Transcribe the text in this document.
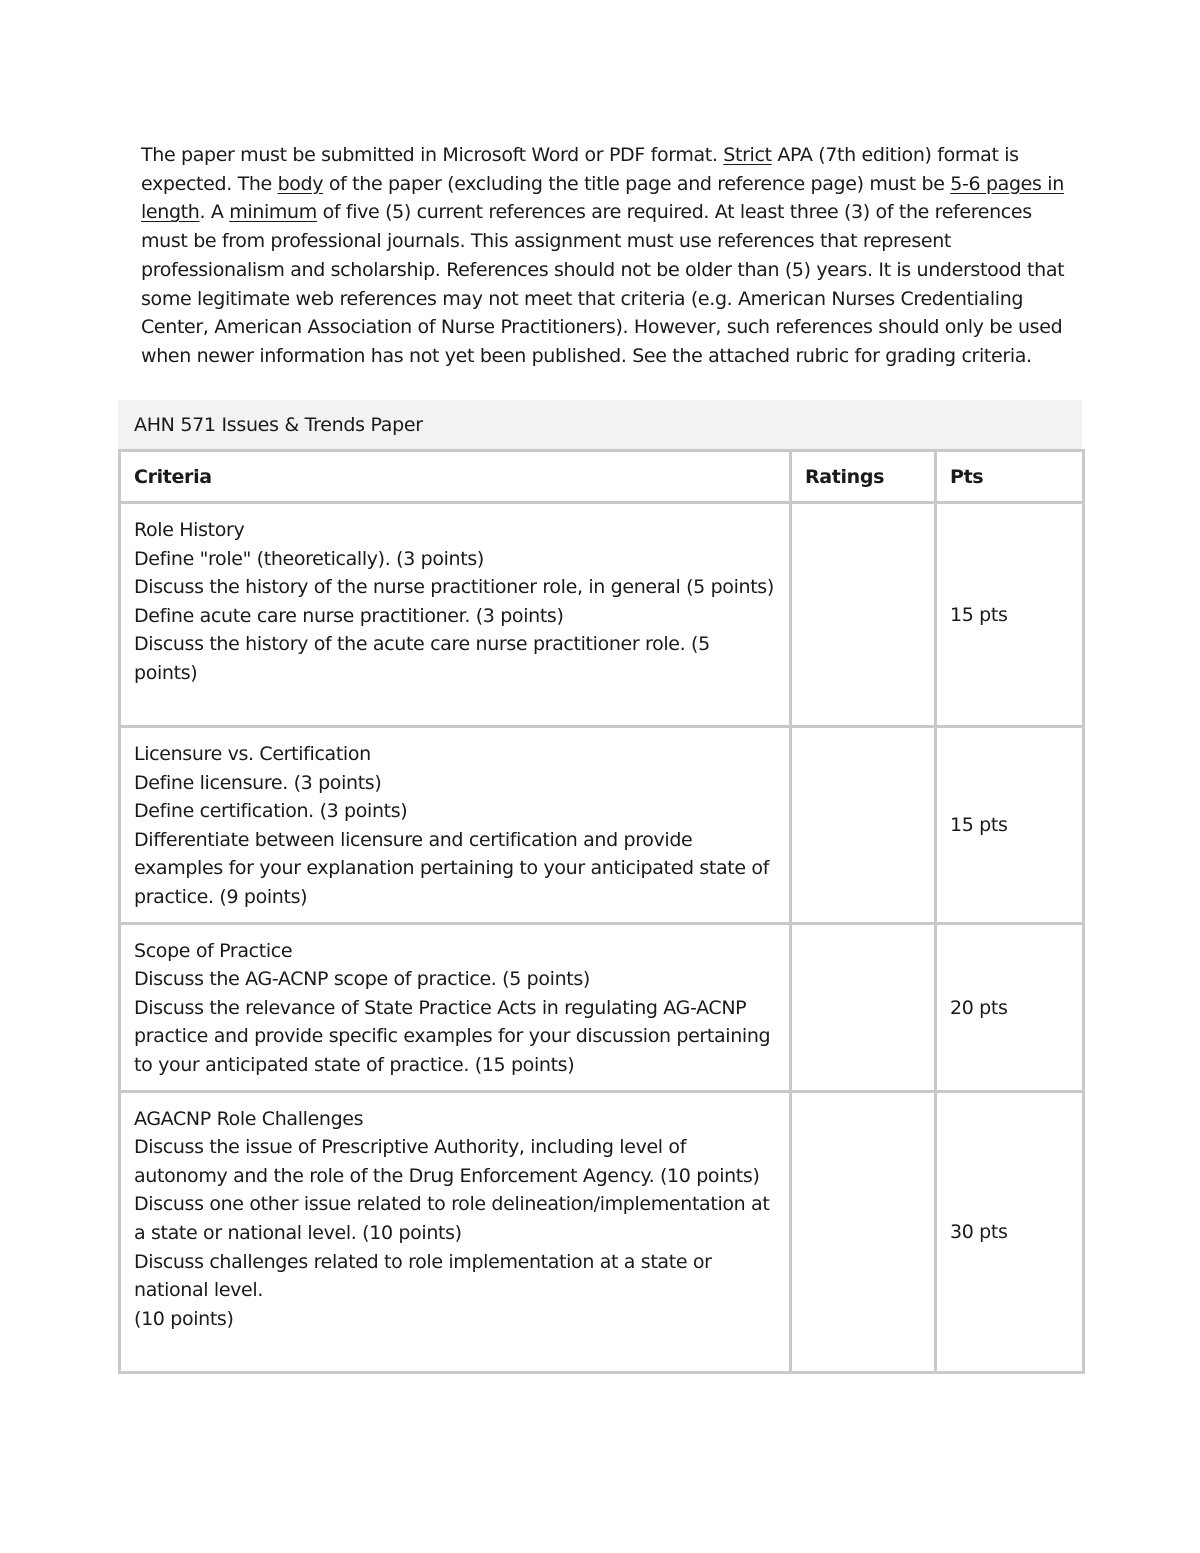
The paper must be submitted in Microsoft Word or PDF format. Strict APA (7th edition) format is expected. The body of the paper (excluding the title page and reference page) must be 5-6 pages in length. A minimum of five (5) current references are required. At least three (3) of the references must be from professional journals. This assignment must use references that represent professionalism and scholarship. References should not be older than (5) years. It is understood that some legitimate web references may not meet that criteria (e.g. American Nurses Credentialing Center, American Association of Nurse Practitioners). However, such references should only be used when newer information has not yet been published. See the attached rubric for grading criteria.

AHN 571 Issues & Trends Paper
Criteria	Ratings	Pts

Role History
Define "role" (theoretically). (3 points)
Discuss the history of the nurse practitioner role, in general (5 points)
Define acute care nurse practitioner. (3 points)
Discuss the history of the acute care nurse practitioner role. (5 points)		15 pts

Licensure vs. Certification
Define licensure. (3 points)
Define certification. (3 points)
Differentiate between licensure and certification and provide examples for your explanation pertaining to your anticipated state of practice. (9 points)		15 pts

Scope of Practice
Discuss the AG-ACNP scope of practice. (5 points)
Discuss the relevance of State Practice Acts in regulating AG-ACNP practice and provide specific examples for your discussion pertaining to your anticipated state of practice. (15 points)		20 pts

AGACNP Role Challenges
Discuss the issue of Prescriptive Authority, including level of autonomy and the role of the Drug Enforcement Agency. (10 points)
Discuss one other issue related to role delineation/implementation at a state or national level. (10 points)
Discuss challenges related to role implementation at a state or national level.
(10 points)		30 pts
